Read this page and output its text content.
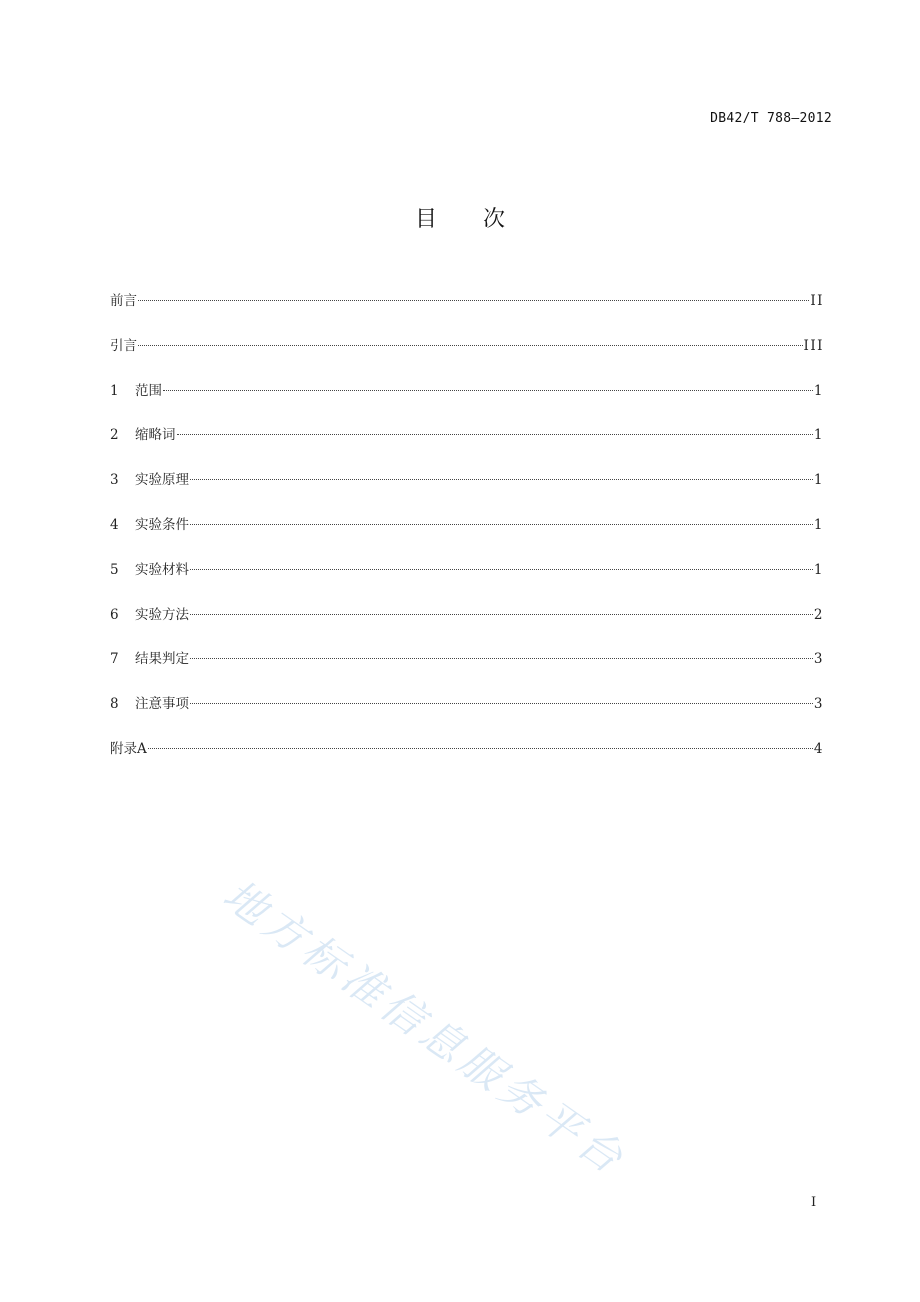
DB42/T 788—2012
目 次
前言	II
引言	III
1	范围	1
2	缩略词	1
3	实验原理	1
4	实验条件	1
5	实验材料	1
6	实验方法	2
7	结果判定	3
8	注意事项	3
附录A	4
地方标准信息服务平台
I
